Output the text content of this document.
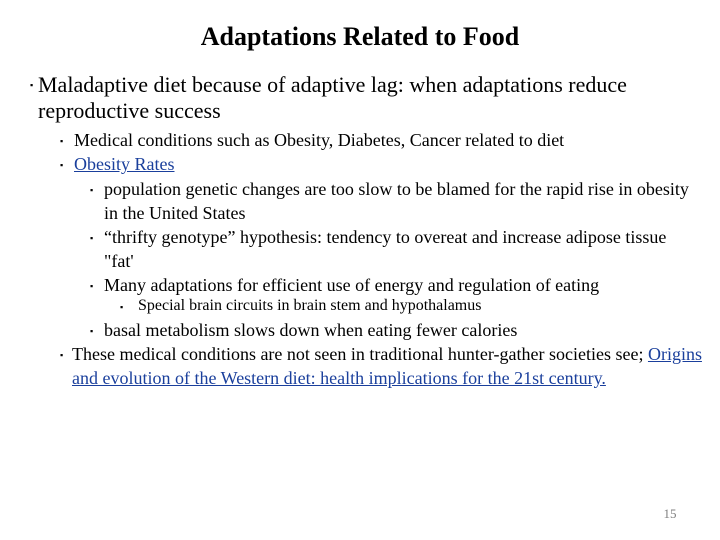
Adaptations Related to Food
▪ Maladaptive diet because of adaptive lag: when adaptations reduce reproductive success
▪ Medical conditions such as Obesity, Diabetes, Cancer related to diet
▪ Obesity Rates
▪ population genetic changes are too slow to be blamed for the rapid rise in obesity in the United States
▪ “thrifty genotype” hypothesis: tendency to overeat and increase adipose tissue "fat'
▪ Many adaptations for efficient use of energy and regulation of eating
▪ Special brain circuits in brain stem and hypothalamus
▪ basal metabolism slows down when eating fewer calories
▪ These medical conditions are not seen in traditional hunter-gather societies see; Origins and evolution of the Western diet: health implications for the 21st century.
15
